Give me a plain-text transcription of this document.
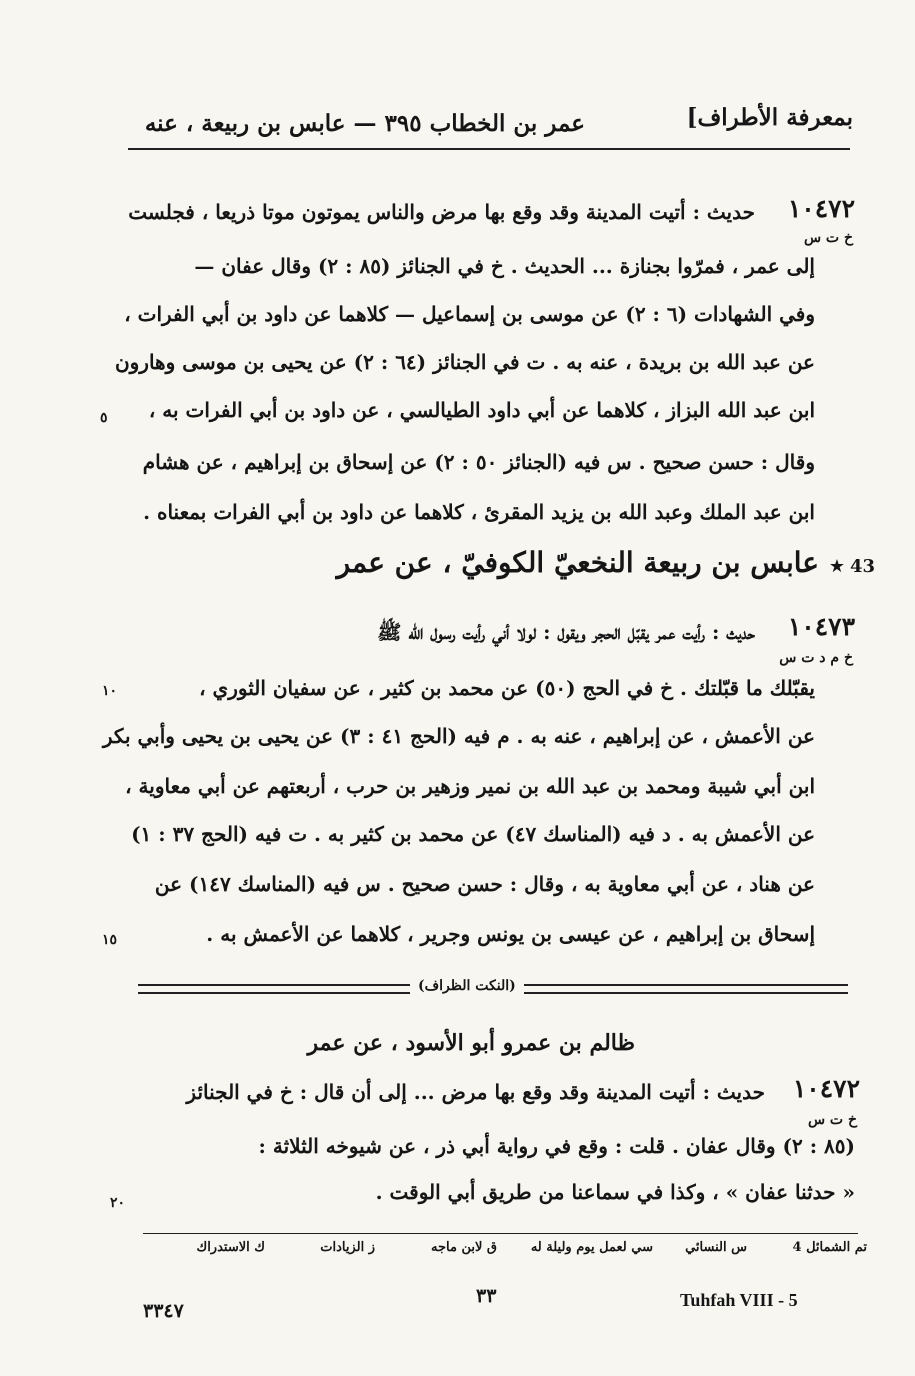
بمعرفة الأطراف]
عمر بن الخطاب ٣٩٥ — عابس بن ربيعة ، عنه
١٠٤٧٢
خ ت س
حديث : أتيت المدينة وقد وقع بها مرض والناس يموتون موتا ذريعا ، فجلست
إلى عمر ، فمرّوا بجنازة ... الحديث . خ في الجنائز (٨٥ : ٢) وقال عفان —
وفي الشهادات (٦ : ٢) عن موسى بن إسماعيل — كلاهما عن داود بن أبي الفرات ،
عن عبد الله بن بريدة ، عنه به . ت في الجنائز (٦٤ : ٢) عن يحيى بن موسى وهارون
ابن عبد الله البزاز ، كلاهما عن أبي داود الطيالسي ، عن داود بن أبي الفرات به ،
وقال : حسن صحيح . س فيه (الجنائز ٥٠ : ٢) عن إسحاق بن إبراهيم ، عن هشام
ابن عبد الملك وعبد الله بن يزيد المقرئ ، كلاهما عن داود بن أبي الفرات بمعناه .
٥
١٠
١٥
٢٠
43
★
عابس بن ربيعة النخعيّ الكوفيّ ، عن عمر
١٠٤٧٣
خ م د ت س
حديث : رأيت عمر يقبّل الحجر ويقول : لولا أني رأيت رسول الله ﷺ
يقبّلك ما قبّلتك . خ في الحج (٥٠) عن محمد بن كثير ، عن سفيان الثوري ،
عن الأعمش ، عن إبراهيم ، عنه به . م فيه (الحج ٤١ : ٣) عن يحيى بن يحيى وأبي بكر
ابن أبي شيبة ومحمد بن عبد الله بن نمير وزهير بن حرب ، أربعتهم عن أبي معاوية ،
عن الأعمش به . د فيه (المناسك ٤٧) عن محمد بن كثير به . ت فيه (الحج ٣٧ : ١)
عن هناد ، عن أبي معاوية به ، وقال : حسن صحيح . س فيه (المناسك ١٤٧) عن
إسحاق بن إبراهيم ، عن عيسى بن يونس وجرير ، كلاهما عن الأعمش به .
(النكت الظراف)
ظالم بن عمرو أبو الأسود ، عن عمر
١٠٤٧٢
خ ت س
حديث : أتيت المدينة وقد وقع بها مرض ... إلى أن قال : خ في الجنائز
(٨٥ : ٢) وقال عفان . قلت : وقع في رواية أبي ذر ، عن شيوخه الثلاثة :
« حدثنا عفان » ، وكذا في سماعنا من طريق أبي الوقت .
تم الشمائل 4
س النسائي
سي لعمل يوم وليلة له
ق لابن ماجه
ز الزيادات
ك الاستدراك
٣٣٤٧
٣٣	Tuhfah VIII - 5
